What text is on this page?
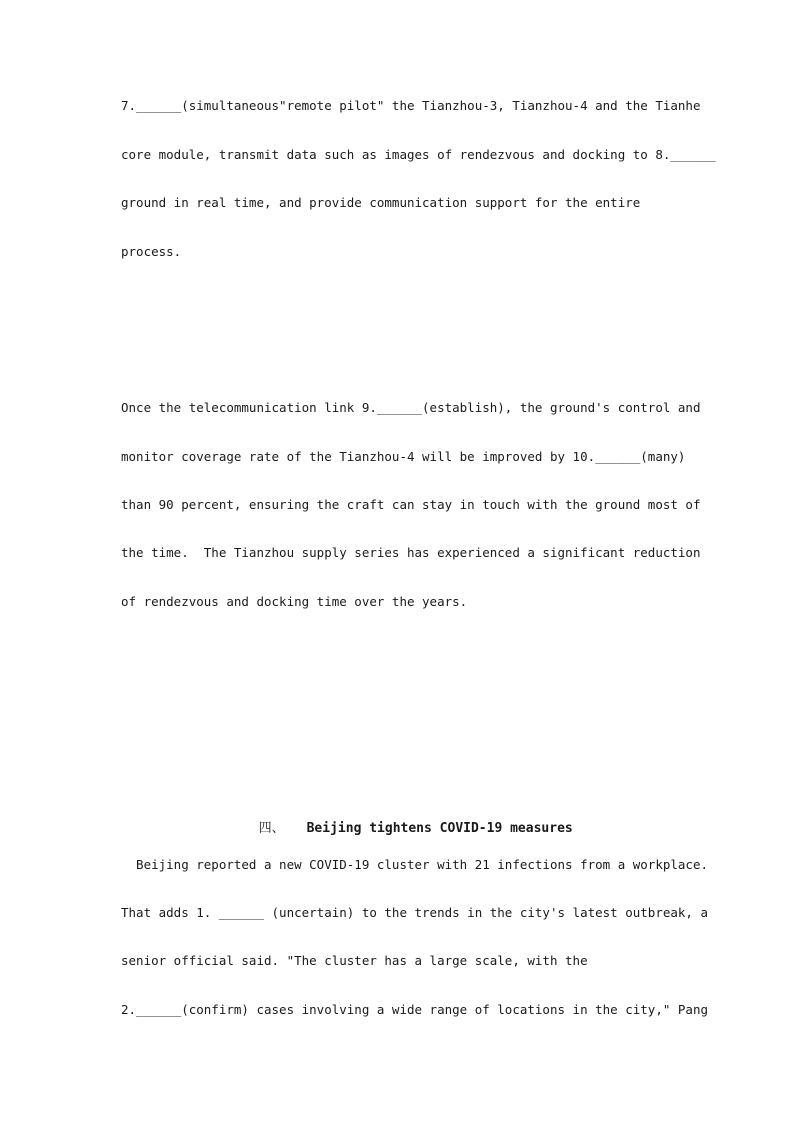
7.______(simultaneous"remote pilot" the Tianzhou-3, Tianzhou-4 and the Tianhe
core module, transmit data such as images of rendezvous and docking to 8.______
ground in real time, and provide communication support for the entire
process.
Once the telecommunication link 9.______(establish), the ground's control and
monitor coverage rate of the Tianzhou-4 will be improved by 10.______(many)
than 90 percent, ensuring the craft can stay in touch with the ground most of
the time.  The Tianzhou supply series has experienced a significant reduction
of rendezvous and docking time over the years.

四、 Beijing tightens COVID-19 measures

Beijing reported a new COVID-19 cluster with 21 infections from a workplace.
That adds 1. ______ (uncertain) to the trends in the city's latest outbreak, a
senior official said. "The cluster has a large scale, with the
2.______(confirm) cases involving a wide range of locations in the city," Pang
